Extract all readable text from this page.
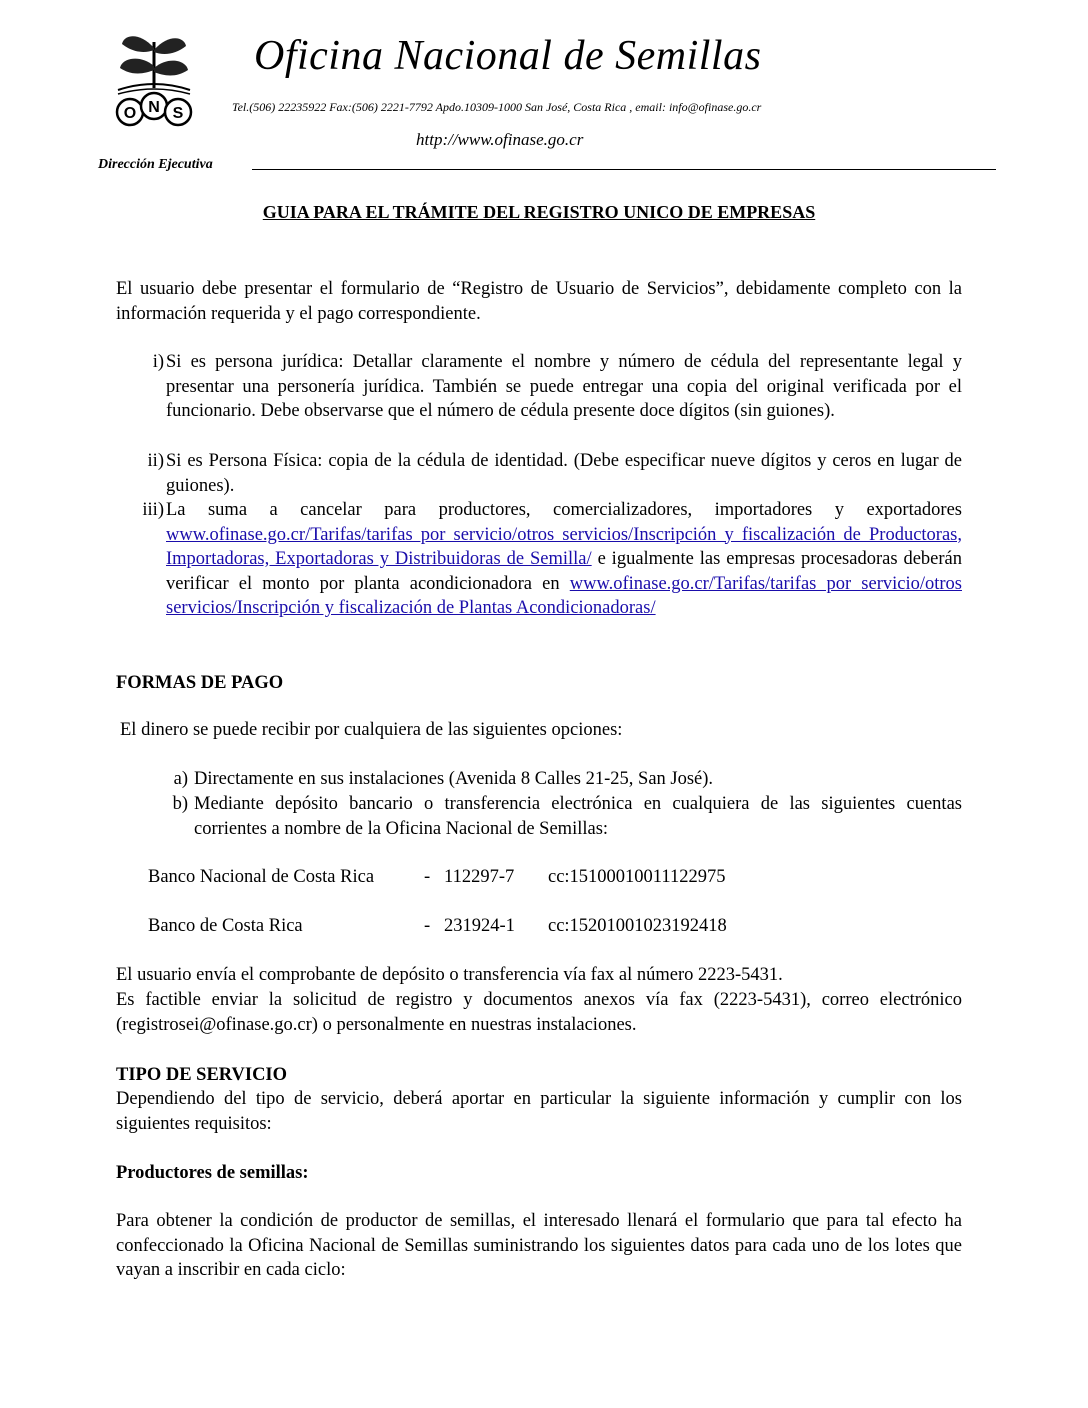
O N S
Oficina Nacional de Semillas
Tel.(506) 22235922 Fax:(506) 2221-7792 Apdo.10309-1000 San José, Costa Rica , email: info@ofinase.go.cr
http://www.ofinase.go.cr
Dirección Ejecutiva
GUIA PARA EL TRÁMITE DEL REGISTRO UNICO DE EMPRESAS
El usuario debe presentar el formulario de “Registro de Usuario de Servicios”, debidamente completo con la información requerida y el pago correspondiente.
i) Si es persona jurídica: Detallar claramente el nombre y número de cédula del representante legal y presentar una personería jurídica. También se puede entregar una copia del original verificada por el funcionario. Debe observarse que el número de cédula presente doce dígitos (sin guiones).
ii) Si es Persona Física: copia de la cédula de identidad. (Debe especificar nueve dígitos y ceros en lugar de guiones).
iii) La suma a cancelar para productores, comercializadores, importadores y exportadores www.ofinase.go.cr/Tarifas/tarifas por servicio/otros servicios/Inscripción y fiscalización de Productoras, Importadoras, Exportadoras y Distribuidoras de Semilla/ e igualmente las empresas procesadoras deberán verificar el monto por planta acondicionadora en www.ofinase.go.cr/Tarifas/tarifas por servicio/otros servicios/Inscripción y fiscalización de Plantas Acondicionadoras/
FORMAS DE PAGO
El dinero se puede recibir por cualquiera de las siguientes opciones:
a) Directamente en sus instalaciones (Avenida 8 Calles 21-25, San José).
b) Mediante depósito bancario o transferencia electrónica en cualquiera de las siguientes cuentas corrientes a nombre de la Oficina Nacional de Semillas:
Banco Nacional de Costa Rica	- 112297-7 cc:15100010011122975
Banco de Costa Rica	- 231924-1 cc:15201001023192418
El usuario envía el comprobante de depósito o transferencia vía fax al número 2223-5431.
Es factible enviar la solicitud de registro y documentos anexos vía fax (2223-5431), correo electrónico (registrosei@ofinase.go.cr) o personalmente en nuestras instalaciones.
TIPO DE SERVICIO
Dependiendo del tipo de servicio, deberá aportar en particular la siguiente información y cumplir con los siguientes requisitos:
Productores de semillas:
Para obtener la condición de productor de semillas, el interesado llenará el formulario que para tal efecto ha confeccionado la Oficina Nacional de Semillas suministrando los siguientes datos para cada uno de los lotes que vayan a inscribir en cada ciclo:
